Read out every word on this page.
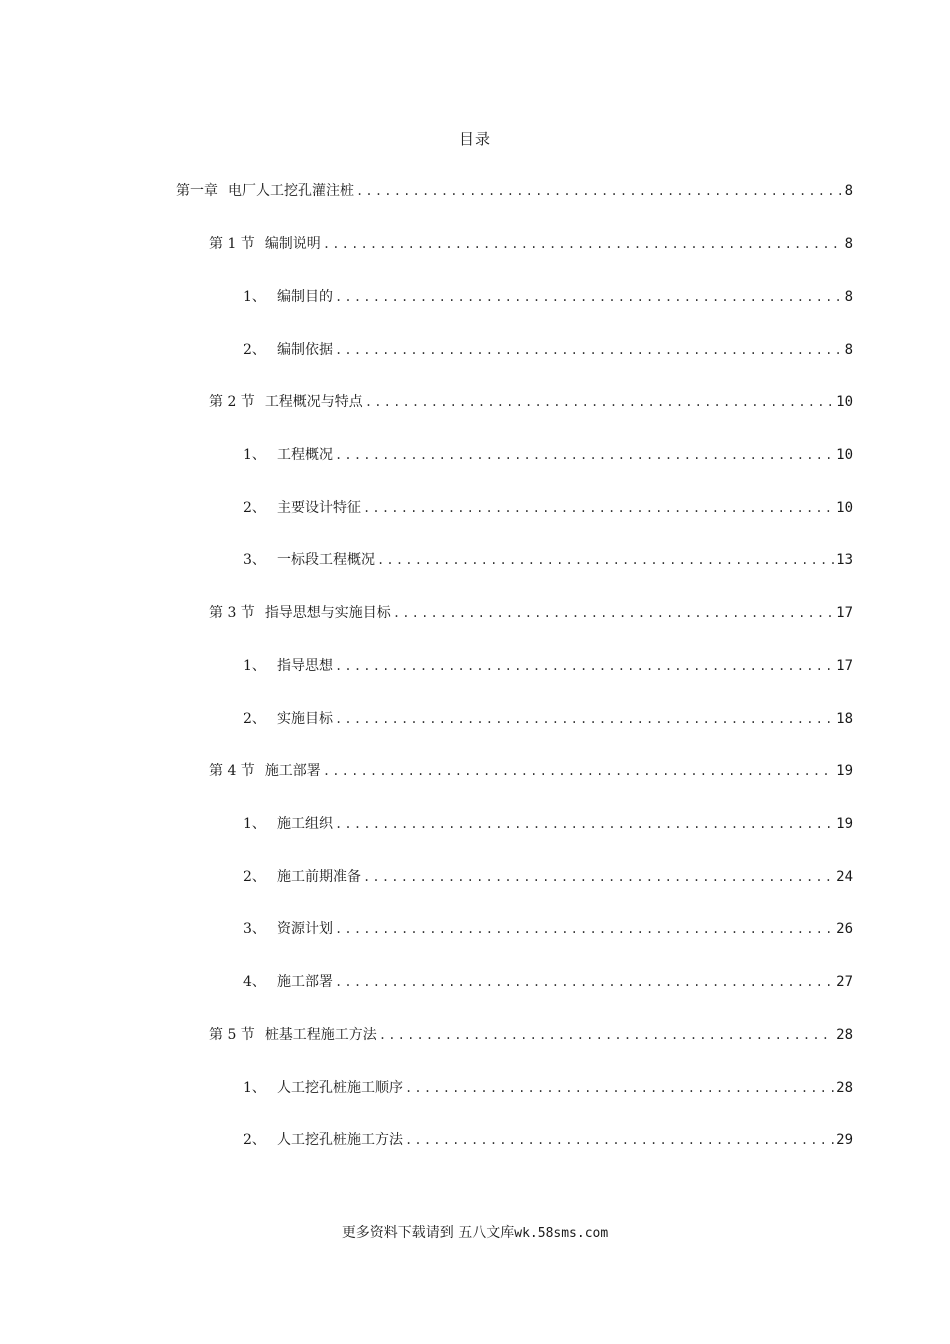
目录
第一章 电厂人工挖孔灌注桩 .....	8
第 1 节 编制说明 .....	8
1、 编制目的 .....	8
2、 编制依据 .....	8
第 2 节 工程概况与特点 .....	10
1、 工程概况 .....	10
2、 主要设计特征 .....	10
3、 一标段工程概况 .....	13
第 3 节 指导思想与实施目标 .....	17
1、 指导思想 .....	17
2、 实施目标 .....	18
第 4 节 施工部署 .....	19
1、 施工组织 .....	19
2、 施工前期准备 .....	24
3、 资源计划 .....	26
4、 施工部署 .....	27
第 5 节 桩基工程施工方法 .....	28
1、 人工挖孔桩施工顺序 .....	28
2、 人工挖孔桩施工方法 .....	29
更多资料下载请到 五八文库wk.58sms.com
